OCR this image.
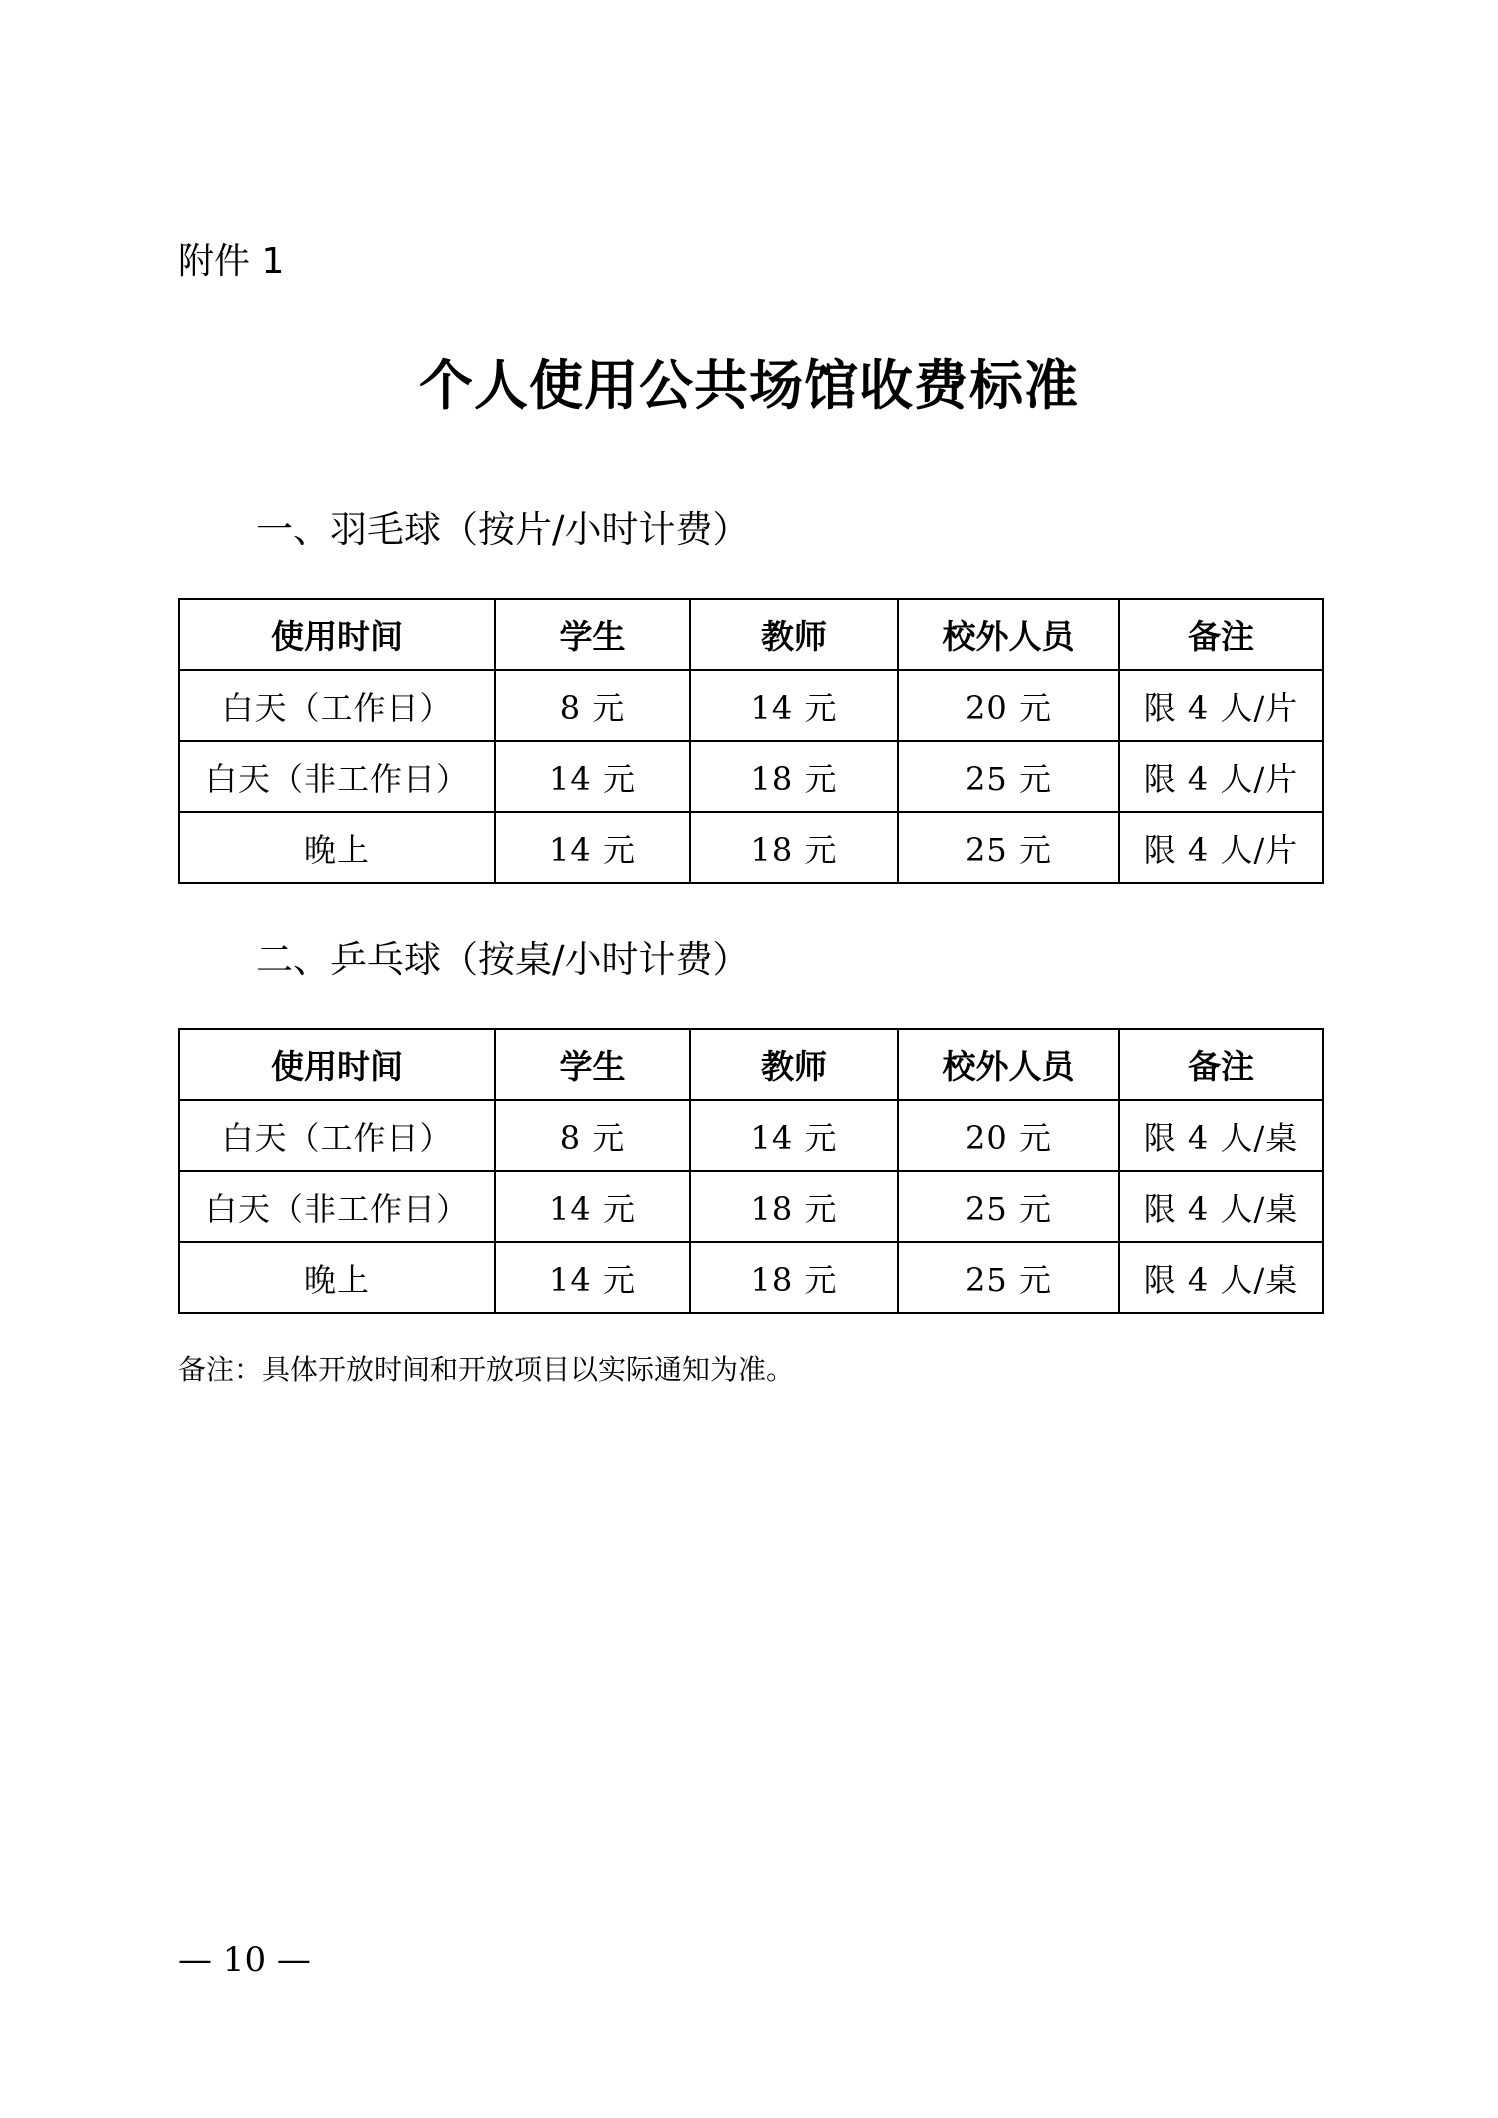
附件 1
个人使用公共场馆收费标准
一、羽毛球（按片/小时计费）
使用时间	学生	教师	校外人员	备注
白天（工作日）	8 元	14 元	20 元	限 4 人/片
白天（非工作日）	14 元	18 元	25 元	限 4 人/片
晚上	14 元	18 元	25 元	限 4 人/片
二、乒乓球（按桌/小时计费）
使用时间	学生	教师	校外人员	备注
白天（工作日）	8 元	14 元	20 元	限 4 人/桌
白天（非工作日）	14 元	18 元	25 元	限 4 人/桌
晚上	14 元	18 元	25 元	限 4 人/桌
备注：具体开放时间和开放项目以实际通知为准。
— 10 —
